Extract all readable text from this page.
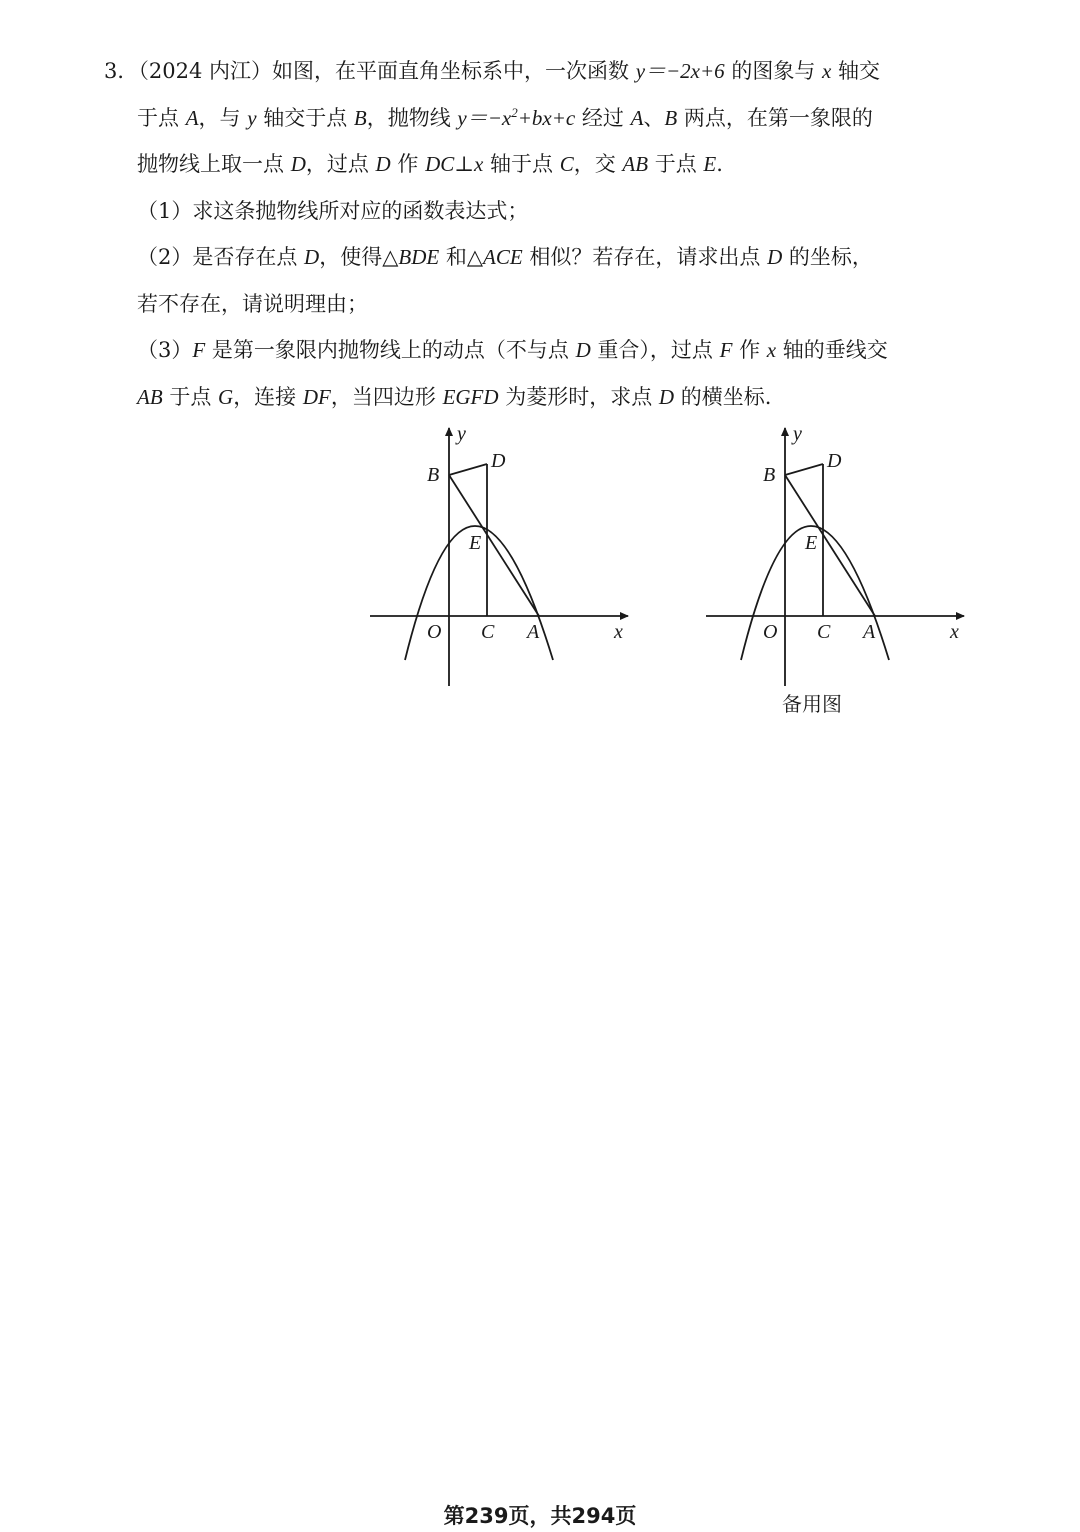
3．（2024 内江）如图，在平面直角坐标系中，一次函数 y＝−2x+6 的图象与 x 轴交
于点 A，与 y 轴交于点 B，抛物线 $y=-x^2+bx+c$ 经过 A、B 两点，在第一象限的
抛物线上取一点 D，过点 D 作 DC⊥x 轴于点 C，交 AB 于点 E.
（1）求这条抛物线所对应的函数表达式；
（2）是否存在点 D，使得△BDE 和△ACE 相似？若存在，请求出点 D 的坐标，
若不存在，请说明理由；
（3）F 是第一象限内抛物线上的动点（不与点 D 重合），过点 F 作 x 轴的垂线交
AB 于点 G，连接 DF，当四边形 EGFD 为菱形时，求点 D 的横坐标.
y
B
D
E
O C A	x
y
B
D
E
O C A	x
备用图
第239页，共294页
